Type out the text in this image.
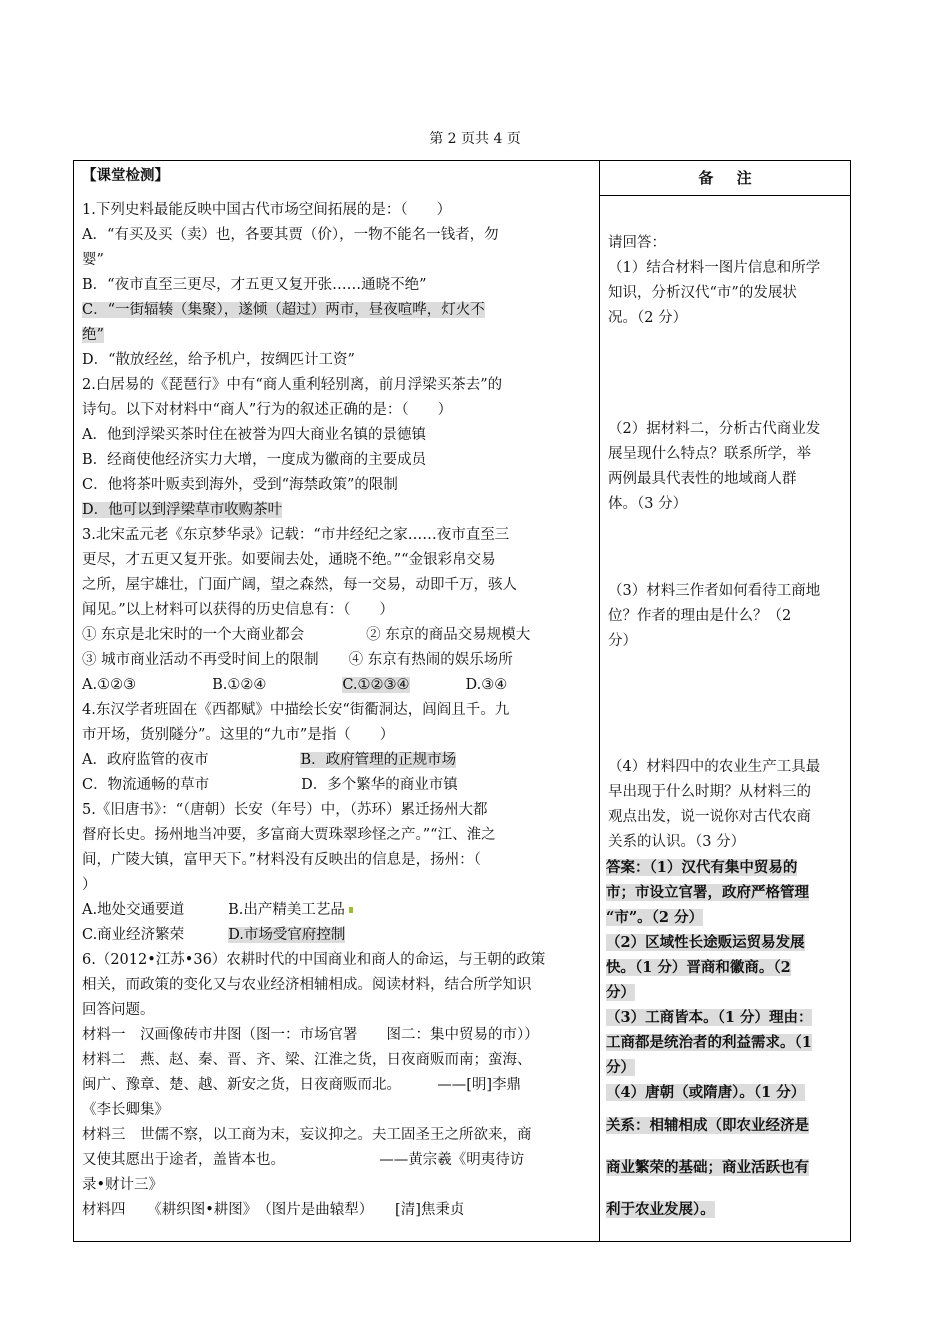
第 2 页共 4 页
【课堂检测】
1.下列史料最能反映中国古代市场空间拓展的是：（　　）
A．“有买及买（卖）也，各要其贾（价），一物不能名一钱者，勿
婴”
B．“夜市直至三更尽，才五更又复开张……通晓不绝”
C．“一街辐辏（集聚），遂倾（超过）两市，昼夜喧哗，灯火不
绝”
D．“散放经丝，给予机户，按绸匹计工资”
2.白居易的《琵琶行》中有“商人重利轻别离，前月浮梁买茶去”的
诗句。以下对材料中“商人”行为的叙述正确的是：（　　）
A．他到浮梁买茶时住在被誉为四大商业名镇的景德镇
B．经商使他经济实力大增，一度成为徽商的主要成员
C．他将茶叶贩卖到海外，受到“海禁政策”的限制
D．他可以到浮梁草市收购茶叶
3.北宋孟元老《东京梦华录》记载：“市井经纪之家……夜市直至三
更尽，才五更又复开张。如要闹去处，通晓不绝。”“金银彩帛交易
之所，屋宇雄壮，门面广阔，望之森然，每一交易，动即千万，骇人
闻见。”以上材料可以获得的历史信息有：（　　）
① 东京是北宋时的一个大商业都会	② 东京的商品交易规模大
③ 城市商业活动不再受时间上的限制 ④ 东京有热闹的娱乐场所
A.①②③	B.①②④	C.①②③④	D.③④
4.东汉学者班固在《西都赋》中描绘长安“街衢洞达，闾阎且千。九
市开场，货别隧分”。这里的“九市”是指（　　）
A．政府监管的夜市	B．政府管理的正规市场
C．物流通畅的草市	D．多个繁华的商业市镇
5.《旧唐书》：“（唐朝）长安（年号）中，（苏环）累迁扬州大都
督府长史。扬州地当冲要，多富商大贾珠翠珍怪之产。”“江、淮之
间，广陵大镇，富甲天下。”材料没有反映出的信息是，扬州：（
）
A.地处交通要道	B.出产精美工艺品
C.商业经济繁荣	D.市场受官府控制
6.（2012•江苏•36）农耕时代的中国商业和商人的命运，与王朝的政策
相关，而政策的变化又与农业经济相辅相成。阅读材料，结合所学知识
回答问题。
材料一　汉画像砖市井图（图一：市场官署　　图二：集中贸易的市））
材料二　燕、赵、秦、晋、齐、梁、江淮之货，日夜商贩而南；蛮海、
闽广、豫章、楚、越、新安之货，日夜商贩而北。　　　——[明]李鼎
《李长卿集》
材料三　世儒不察，以工商为末，妄议抑之。夫工固圣王之所欲来，商
又使其愿出于途者，盖皆本也。　　　　　　　——黄宗羲《明夷待访
录•财计三》
材料四　　《耕织图•耕图》　（图片是曲辕犁）　　[清]焦秉贞
备　 注
请回答：
（1）结合材料一图片信息和所学
知识，分析汉代“市”的发展状
况。（2 分）
（2）据材料二，分析古代商业发
展呈现什么特点？联系所学，举
两例最具代表性的地域商人群
体。（3 分）
（3）材料三作者如何看待工商地
位？作者的理由是什么？（2
分）
（4）材料四中的农业生产工具最
早出现于什么时期？从材料三的
观点出发，说一说你对古代农商
关系的认识。（3 分）
答案：（1）汉代有集中贸易的
市；市设立官署，政府严格管理
“市”。（2 分）
（2）区域性长途贩运贸易发展
快。（1 分）晋商和徽商。（2
分）
（3）工商皆本。（1 分）理由：
工商都是统治者的利益需求。（1
分）
（4）唐朝（或隋唐）。（1 分）
关系：相辅相成（即农业经济是
商业繁荣的基础；商业活跃也有
利于农业发展）。
